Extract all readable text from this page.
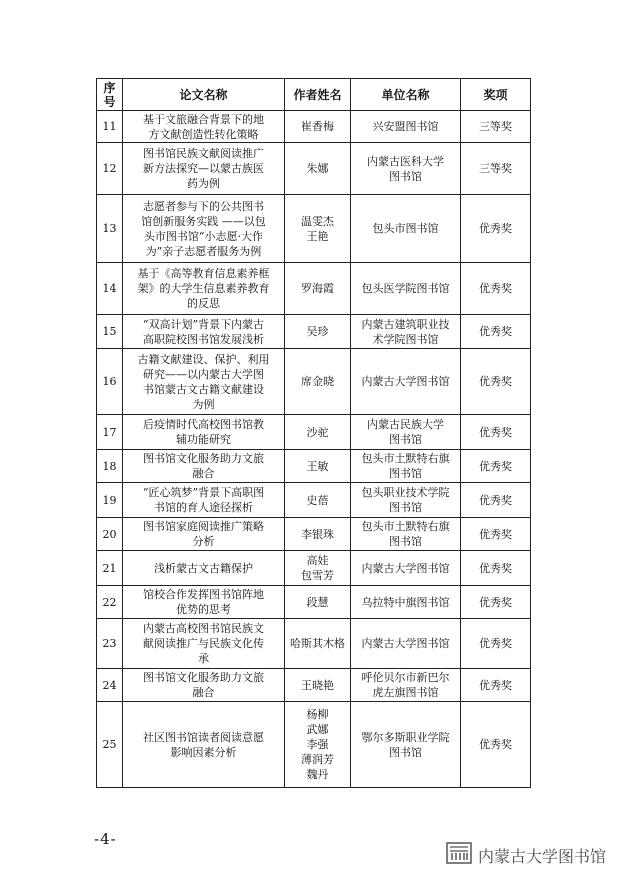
序
号	论文名称	作者姓名	单位名称	奖项
11	基于文旅融合背景下的地
方文献创造性转化策略	崔香梅	兴安盟图书馆	三等奖
12	图书馆民族文献阅读推广
新方法探究—以蒙古族医
药为例	朱娜	内蒙古医科大学
图书馆	三等奖
13	志愿者参与下的公共图书
馆创新服务实践 ——以包
头市图书馆“小志愿·大作
为”亲子志愿者服务为例	温雯杰
王艳	包头市图书馆	优秀奖
14	基于《高等教育信息素养框
架》的大学生信息素养教育
的反思	罗海霞	包头医学院图书馆	优秀奖
15	“双高计划”背景下内蒙古
高职院校图书馆发展浅析	吴珍	内蒙古建筑职业技
术学院图书馆	优秀奖
16	古籍文献建设、保护、利用
研究——以内蒙古大学图
书馆蒙古文古籍文献建设
为例	席金晓	内蒙古大学图书馆	优秀奖
17	后疫情时代高校图书馆教
辅功能研究	沙驼	内蒙古民族大学
图书馆	优秀奖
18	图书馆文化服务助力文旅
融合	王敏	包头市土默特右旗
图书馆	优秀奖
19	“匠心筑梦”背景下高职图
书馆的育人途径探析	史蓓	包头职业技术学院
图书馆	优秀奖
20	图书馆家庭阅读推广策略
分析	李银珠	包头市土默特右旗
图书馆	优秀奖
21	浅析蒙古文古籍保护	高娃
包雪芳	内蒙古大学图书馆	优秀奖
22	馆校合作发挥图书馆阵地
优势的思考	段慧	乌拉特中旗图书馆	优秀奖
23	内蒙古高校图书馆民族文
献阅读推广与民族文化传
承	哈斯其木格	内蒙古大学图书馆	优秀奖
24	图书馆文化服务助力文旅
融合	王晓艳	呼伦贝尔市新巴尔
虎左旗图书馆	优秀奖
25	社区图书馆读者阅读意愿
影响因素分析	杨柳
武娜
李强
薄润芳
魏丹	鄂尔多斯职业学院
图书馆	优秀奖
-4-
内蒙古大学图书馆
